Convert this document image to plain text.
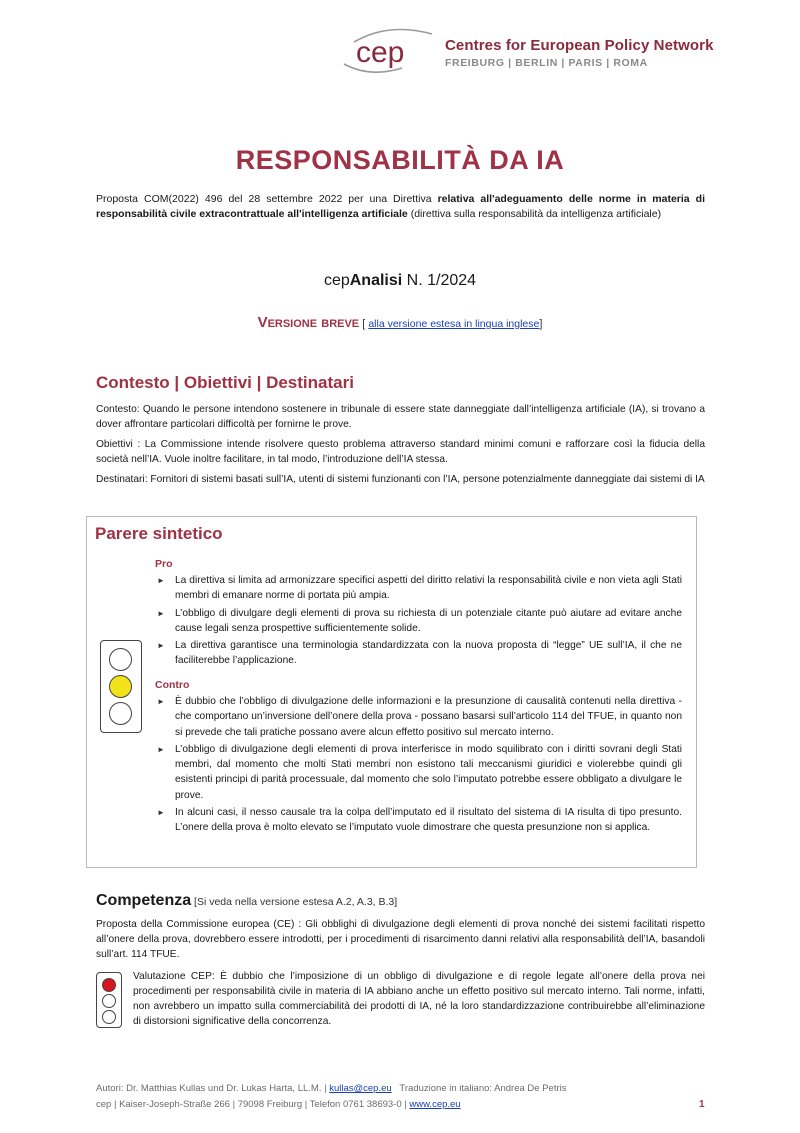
cep	Centres for European Policy Network
FREIBURG | BERLIN | PARIS | ROMA
RESPONSABILITÀ DA IA
Proposta COM(2022) 496 del 28 settembre 2022 per una Direttiva relativa all'adeguamento delle norme in materia di responsabilità civile extracontrattuale all'intelligenza artificiale (direttiva sulla responsabilità da intelligenza artificiale)
cepAnalisi N. 1/2024
Versione breve [ alla versione estesa in lingua inglese]
Contesto | Obiettivi | Destinatari
Contesto: Quando le persone intendono sostenere in tribunale di essere state danneggiate dall’intelligenza artificiale (IA), si trovano a dover affrontare particolari difficoltà per fornirne le prove.
Obiettivi : La Commissione intende risolvere questo problema attraverso standard minimi comuni e rafforzare così la fiducia della società nell’IA. Vuole inoltre facilitare, in tal modo, l’introduzione dell’IA stessa.
Destinatari: Fornitori di sistemi basati sull’IA, utenti di sistemi funzionanti con l’IA, persone potenzialmente danneggiate dai sistemi di IA
Parere sintetico
Pro
► La direttiva si limita ad armonizzare specifici aspetti del diritto relativi la responsabilità civile e non vieta agli Stati membri di emanare norme di portata più ampia.
► L’obbligo di divulgare degli elementi di prova su richiesta di un potenziale citante può aiutare ad evitare anche cause legali senza prospettive sufficientemente solide.
► La direttiva garantisce una terminologia standardizzata con la nuova proposta di “legge” UE sull’IA, il che ne faciliterebbe l’applicazione.
Contro
► È dubbio che l’obbligo di divulgazione delle informazioni e la presunzione di causalità contenuti nella direttiva - che comportano un’inversione dell’onere della prova - possano basarsi sull’articolo 114 del TFUE, in quanto non si prevede che tali pratiche possano avere alcun effetto positivo sul mercato interno.
► L’obbligo di divulgazione degli elementi di prova interferisce in modo squilibrato con i diritti sovrani degli Stati membri, dal momento che molti Stati membri non esistono tali meccanismi giuridici e violerebbe quindi gli esistenti principi di parità processuale, dal momento che solo l’imputato potrebbe essere obbligato a divulgare le prove.
► In alcuni casi, il nesso causale tra la colpa dell’imputato ed il risultato del sistema di IA risulta di tipo presunto. L’onere della prova è molto elevato se l’imputato vuole dimostrare che questa presunzione non si applica.
Competenza [Si veda nella versione estesa A.2, A.3, B.3]
Proposta della Commissione europea (CE) : Gli obblighi di divulgazione degli elementi di prova nonché dei sistemi facilitati rispetto all’onere della prova, dovrebbero essere introdotti, per i procedimenti di risarcimento danni relativi alla responsabilità dell’IA, basandoli sull’art. 114 TFUE.
Valutazione CEP: È dubbio che l’imposizione di un obbligo di divulgazione e di regole legate all’onere della prova nei procedimenti per responsabilità civile in materia di IA abbiano anche un effetto positivo sul mercato interno. Tali norme, infatti, non avrebbero un impatto sulla commerciabilità dei prodotti di IA, né la loro standardizzazione contribuirebbe all’eliminazione di distorsioni significative della concorrenza.
Autori: Dr. Matthias Kullas und Dr. Lukas Harta, LL.M. | kullas@cep.eu   Traduzione in italiano: Andrea De Petris
cep | Kaiser-Joseph-Straße 266 | 79098 Freiburg | Telefon 0761 38693-0 | www.cep.eu	1
